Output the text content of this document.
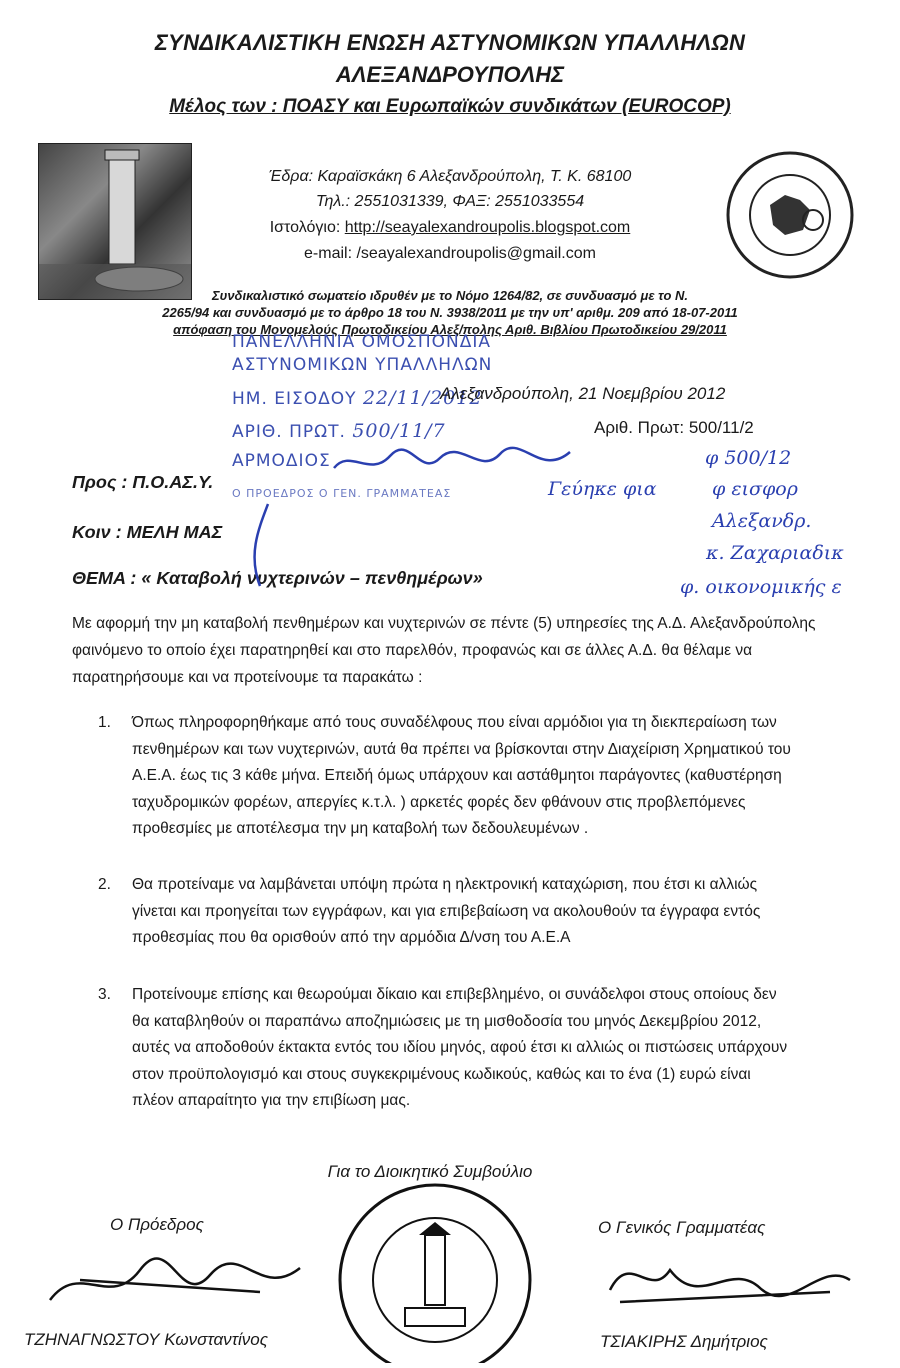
ΣΥΝΔΙΚΑΛΙΣΤΙΚΗ ΕΝΩΣΗ ΑΣΤΥΝΟΜΙΚΩΝ ΥΠΑΛΛΗΛΩΝ
ΑΛΕΞΑΝΔΡΟΥΠΟΛΗΣ
Μέλος των : ΠΟΑΣΥ και Ευρωπαϊκών συνδικάτων (EUROCOP)
Έδρα: Καραϊσκάκη 6 Αλεξανδρούπολη, Τ. Κ. 68100
Τηλ.: 2551031339, ΦΑΞ: 2551033554
Ιστολόγιο: http://seayalexandroupolis.blogspot.com
e-mail: /seayalexandroupolis@gmail.com
Συνδικαλιστικό σωματείο ιδρυθέν με το Νόμο 1264/82, σε συνδυασμό με το Ν.
2265/94 και συνδυασμό με το άρθρο 18 του Ν. 3938/2011 με την υπ' αριθμ. 209 από 18-07-2011
απόφαση του Μονομελούς Πρωτοδικείου Αλεξ/πολης Αριθ. Βιβλίου Πρωτοδικείου 29/2011
ΠΑΝΕΛΛΗΝΙΑ ΟΜΟΣΠΟΝΔΙΑ
ΑΣΤΥΝΟΜΙΚΩΝ ΥΠΑΛΛΗΛΩΝ
ΗΜ. ΕΙΣΟΔΟΥ 22/11/2012
ΑΡΙΘ. ΠΡΩΤ. 500/11/7
ΑΡΜΟΔΙΟΣ
Ο ΠΡΟΕΔΡΟΣ Ο ΓΕΝ. ΓΡΑΜΜΑΤΕΑΣ
Αλεξανδρούπολη, 21 Νοεμβρίου 2012
Αριθ. Πρωτ: 500/11/2
Προς : Π.Ο.ΑΣ.Υ.
Κοιν : ΜΕΛΗ ΜΑΣ
ΘΕΜΑ : « Καταβολή νυχτερινών – πενθημέρων»
Γεύηκε φια
φ 500/12
φ εισφορ
Αλεξανδρ.
κ. Ζαχαριαδικ
φ. οικονομικής ε
Με αφορμή την μη καταβολή πενθημέρων και νυχτερινών σε πέντε (5) υπηρεσίες της Α.Δ. Αλεξανδρούπολης φαινόμενο το οποίο έχει παρατηρηθεί και στο παρελθόν, προφανώς και σε άλλες Α.Δ. θα θέλαμε να παρατηρήσουμε και να προτείνουμε τα παρακάτω :
1. Όπως πληροφορηθήκαμε από τους συναδέλφους που είναι αρμόδιοι για τη διεκπεραίωση των πενθημέρων και των νυχτερινών, αυτά θα πρέπει να βρίσκονται στην Διαχείριση Χρηματικού του Α.Ε.Α. έως τις 3 κάθε μήνα. Επειδή όμως υπάρχουν και αστάθμητοι παράγοντες (καθυστέρηση ταχυδρομικών φορέων, απεργίες κ.τ.λ. ) αρκετές φορές δεν φθάνουν στις προβλεπόμενες προθεσμίες με αποτέλεσμα την μη καταβολή των δεδουλευμένων .
2. Θα προτείναμε να λαμβάνεται υπόψη πρώτα η ηλεκτρονική καταχώριση, που έτσι κι αλλιώς γίνεται και προηγείται των εγγράφων, και για επιβεβαίωση να ακολουθούν τα έγγραφα εντός προθεσμίας που θα ορισθούν από την αρμόδια Δ/νση του Α.Ε.Α
3. Προτείνουμε επίσης και θεωρούμαι δίκαιο και επιβεβλημένο, οι συνάδελφοι στους οποίους δεν θα καταβληθούν οι παραπάνω αποζημιώσεις με τη μισθοδοσία του μηνός Δεκεμβρίου 2012, αυτές να αποδοθούν έκτακτα εντός του ιδίου μηνός, αφού έτσι κι αλλιώς οι πιστώσεις υπάρχουν στον προϋπολογισμό και στους συγκεκριμένους κωδικούς, καθώς και το ένα (1) ευρώ είναι πλέον απαραίτητο για την επιβίωση μας.
Για το Διοικητικό Συμβούλιο
Ο Πρόεδρος	Ο Γενικός Γραμματέας
ΤΖΗΝΑΓΝΩΣΤΟΥ Κωνσταντίνος	ΤΣΙΑΚΙΡΗΣ Δημήτριος
